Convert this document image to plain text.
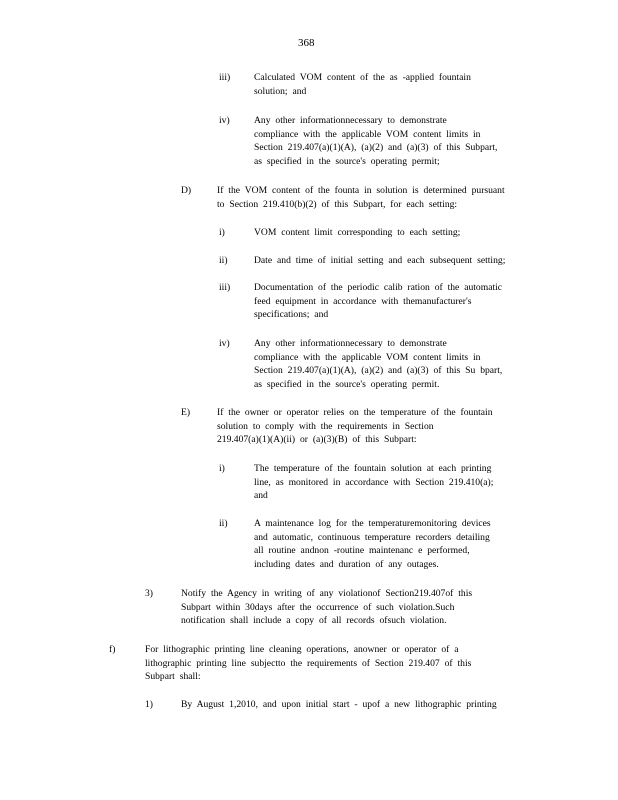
368
iii) Calculated VOM content of the as -applied fountain
solution; and
iv)	Any other informationnecessary to demonstrate
compliance with the applicable VOM content limits in
Section 219.407(a)(1)(A), (a)(2) and (a)(3) of this Subpart,
as specified in the source's operating permit;
D)	If the VOM content of the founta in solution is determined pursuant
to Section 219.410(b)(2) of this Subpart, for each setting:
i)	VOM content limit corresponding to each setting;
ii)	Date and time of initial setting and each subsequent setting;
iii) Documentation of the periodic calib ration of the automatic
feed equipment in accordance with themanufacturer's
specifications; and
iv)	Any other informationnecessary to demonstrate
compliance with the applicable VOM content limits in
Section 219.407(a)(1)(A), (a)(2) and (a)(3) of this Su bpart,
as specified in the source's operating permit.
E)	If the owner or operator relies on the temperature of the fountain
solution to comply with the requirements in Section
219.407(a)(1)(A)(ii) or (a)(3)(B) of this Subpart:
i)	The temperature of the fountain solution at each printing
line, as monitored in accordance with Section 219.410(a);
and
ii)	A maintenance log for the temperaturemonitoring devices
and automatic, continuous temperature recorders detailing
all routine andnon -routine maintenanc e performed,
including dates and duration of any outages.
3)	Notify the Agency in writing of any violationof Section219.407of this
Subpart within 30days after the occurrence of such violation.Such
notification shall include a copy of all records ofsuch violation.
f)	For lithographic printing line cleaning operations, anowner or operator of a
lithographic printing line subjectto the requirements of Section 219.407 of this
Subpart shall:
1)	By August 1,2010, and upon initial start - upof a new lithographic printing
